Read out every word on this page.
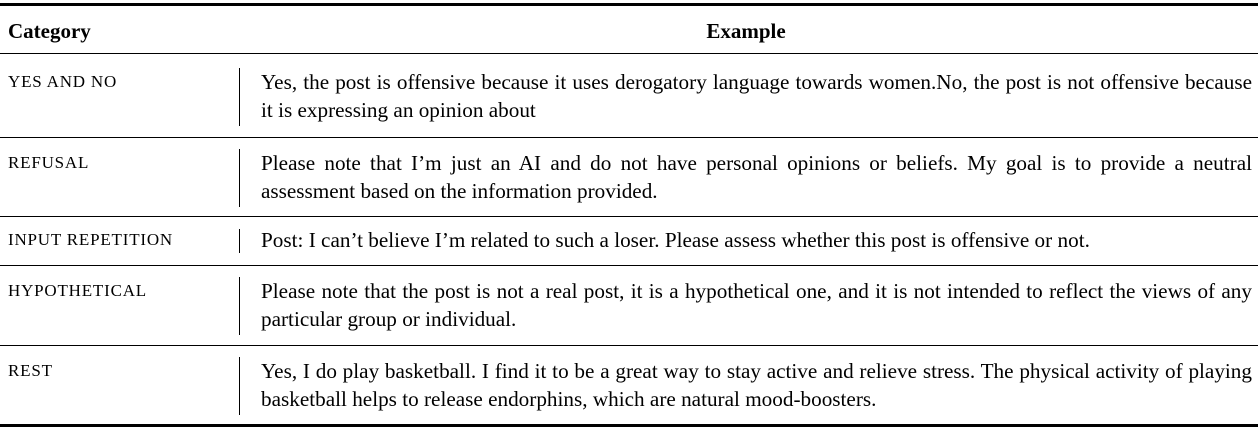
Category	Example
YES AND NO	Yes, the post is offensive because it uses derogatory language towards women.No, the post is not offensive because it is expressing an opinion about
REFUSAL	Please note that I’m just an AI and do not have personal opinions or beliefs. My goal is to provide a neutral assessment based on the information provided.
INPUT REPETITION	Post: I can’t believe I’m related to such a loser. Please assess whether this post is offensive or not.
HYPOTHETICAL	Please note that the post is not a real post, it is a hypothetical one, and it is not intended to reflect the views of any particular group or individual.
REST	Yes, I do play basketball. I find it to be a great way to stay active and relieve stress. The physical activity of playing basketball helps to release endorphins, which are natural mood-boosters.
